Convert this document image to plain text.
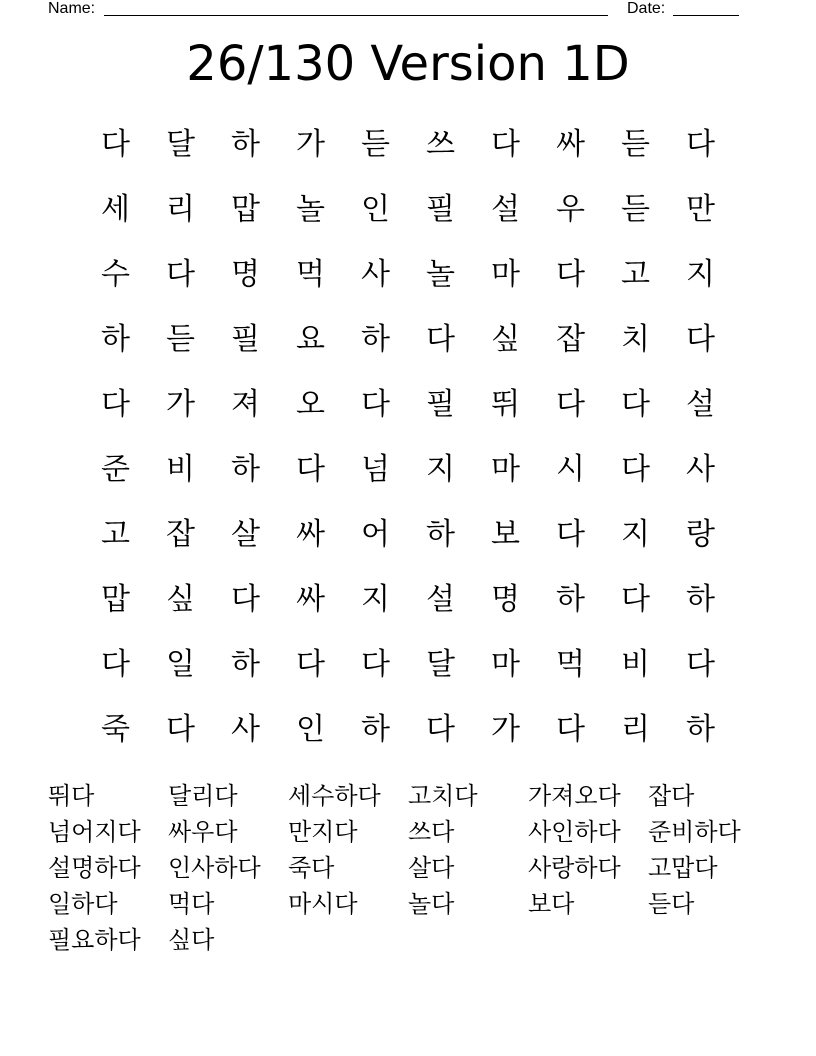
Name:	Date:
26/130 Version 1D
다	달	하	가	듣	쓰	다	싸	듣	다
세	리	맙	놀	인	필	설	우	듣	만
수	다	명	먹	사	놀	마	다	고	지
하	듣	필	요	하	다	싶	잡	치	다
다	가	져	오	다	필	뛰	다	다	설
준	비	하	다	넘	지	마	시	다	사
고	잡	살	싸	어	하	보	다	지	랑
맙	싶	다	싸	지	설	명	하	다	하
다	일	하	다	다	달	마	먹	비	다
죽	다	사	인	하	다	가	다	리	하
뛰다	달리다	세수하다	고치다	가져오다	잡다
넘어지다	싸우다	만지다	쓰다	사인하다	준비하다
설명하다	인사하다	죽다	살다	사랑하다	고맙다
일하다	먹다	마시다	놀다	보다	듣다
필요하다	싶다
